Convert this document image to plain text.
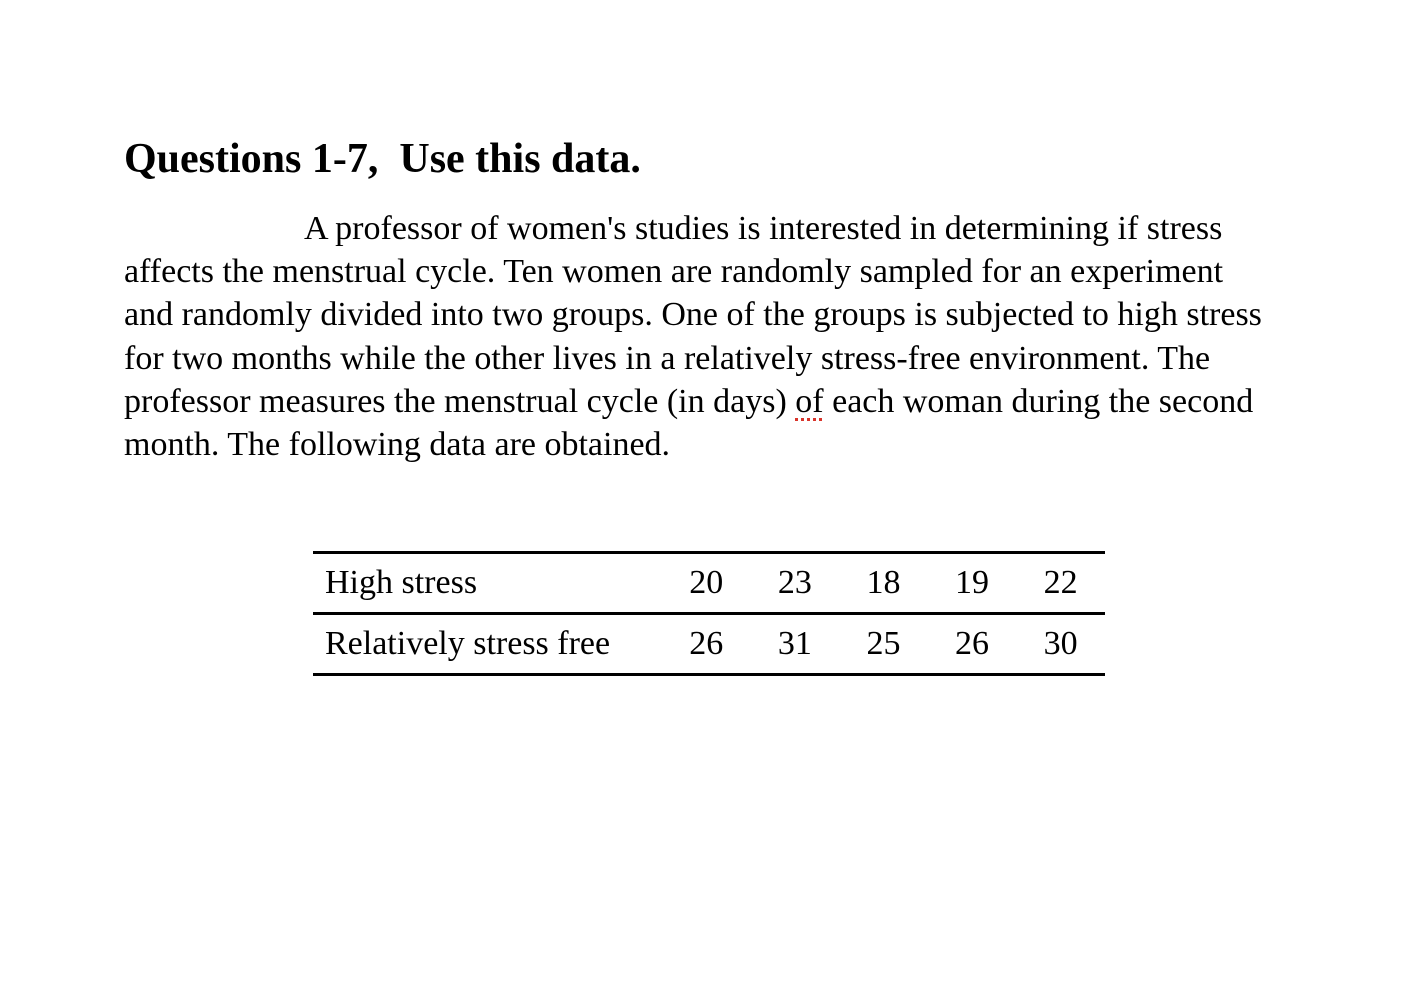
Questions 1-7,  Use this data.

A professor of women's studies is interested in determining if stress affects the menstrual cycle. Ten women are randomly sampled for an experiment and randomly divided into two groups. One of the groups is subjected to high stress for two months while the other lives in a relatively stress-free environment. The professor measures the menstrual cycle (in days) of each woman during the second month. The following data are obtained.

High stress	20	23	18	19	22
Relatively stress free	26	31	25	26	30
